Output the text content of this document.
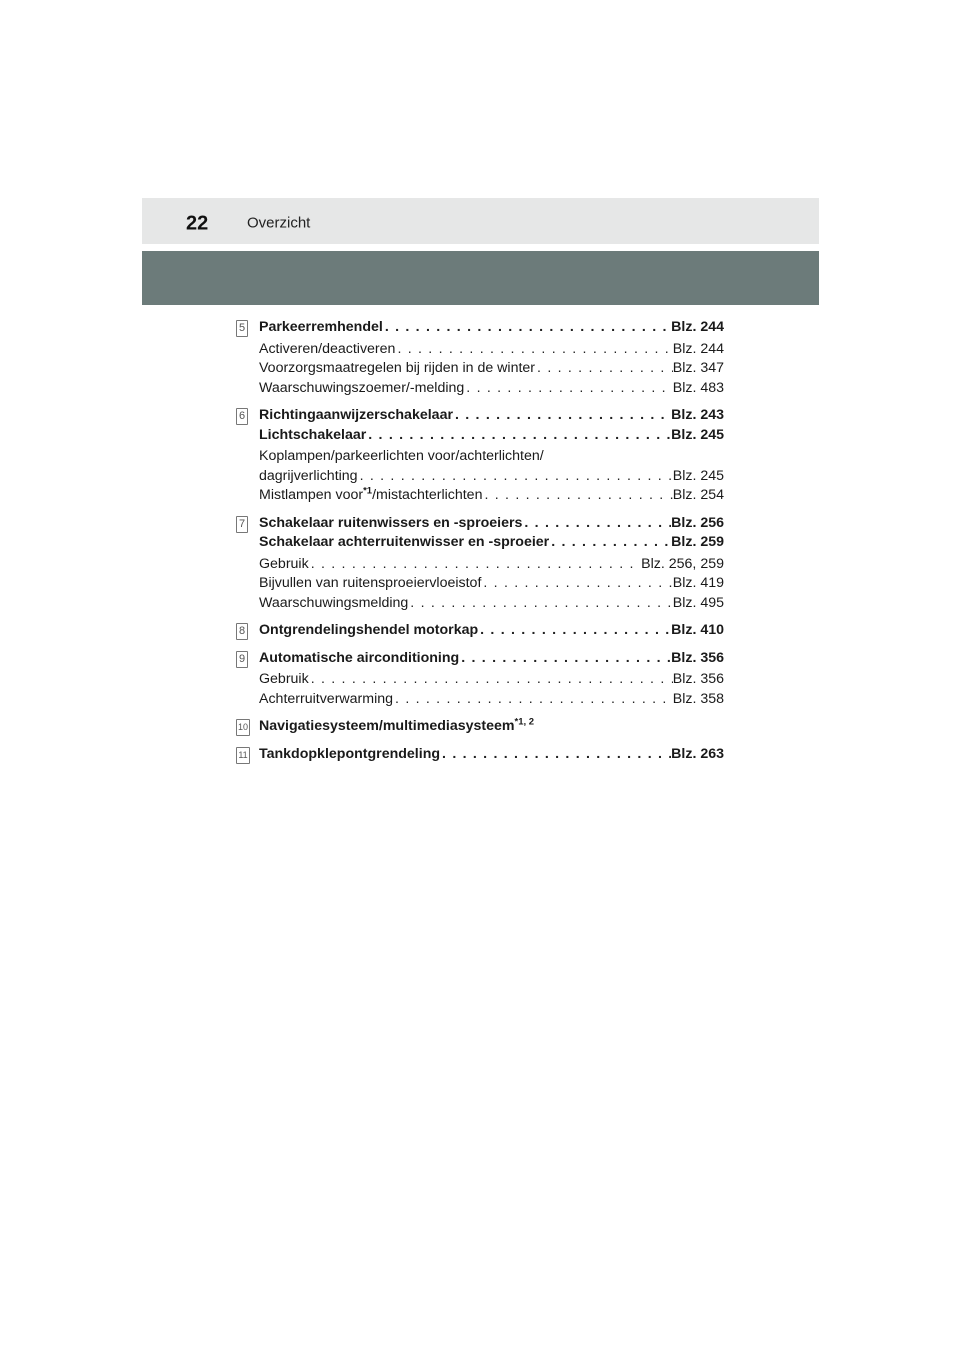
22	Overzicht
5 Parkeerremhendel . . .	Blz. 244
Activeren/deactiveren . . .	Blz. 244
Voorzorgsmaatregelen bij rijden in de winter . . .	Blz. 347
Waarschuwingszoemer/-melding . . .	Blz. 483
6 Richtingaanwijzerschakelaar . . .	Blz. 243
Lichtschakelaar . . .	Blz. 245
Koplampen/parkeerlichten voor/achterlichten/
dagrijverlichting . . .	Blz. 245
Mistlampen voor$^{*1}$/mistachterlichten . . .	Blz. 254
7 Schakelaar ruitenwissers en -sproeiers . . .	Blz. 256
Schakelaar achterruitenwisser en -sproeier . . .	Blz. 259
Gebruik . . .	Blz. 256, 259
Bijvullen van ruitensproeiervloeistof . . .	Blz. 419
Waarschuwingsmelding . . .	Blz. 495
8 Ontgrendelingshendel motorkap . . .	Blz. 410
9 Automatische airconditioning . . .	Blz. 356
Gebruik . . .	Blz. 356
Achterruitverwarming . . .	Blz. 358
10 Navigatiesysteem/multimediasysteem$^{*1, 2}$
11 Tankdopklepontgrendeling . . .	Blz. 263
